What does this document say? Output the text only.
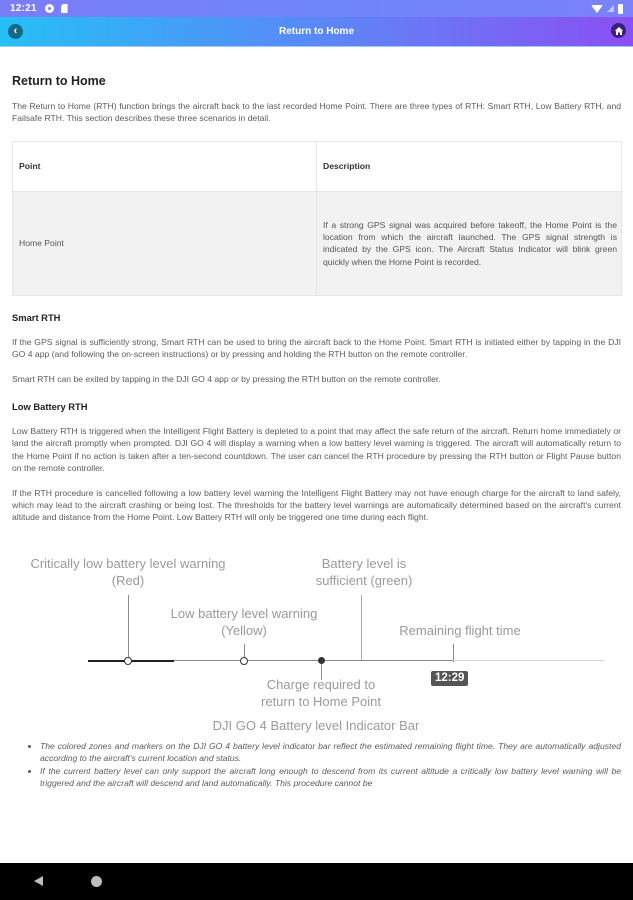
12:21
‹	Return to Home
Return to Home

The Return to Home (RTH) function brings the aircraft back to the last recorded Home Point. There are three types of RTH: Smart RTH, Low Battery RTH, and Failsafe RTH. This section describes these three scenarios in detail.

Point	Description
Home Point	If a strong GPS signal was acquired before takeoff, the Home Point is the location from which the aircraft launched. The GPS signal strength is indicated by the GPS icon. The Aircraft Status Indicator will blink green quickly when the Home Point is recorded.
Smart RTH

If the GPS signal is sufficiently strong, Smart RTH can be used to bring the aircraft back to the Home Point. Smart RTH is initiated either by tapping in the DJI GO 4 app (and following the on-screen instructions) or by pressing and holding the RTH button on the remote controller.

Smart RTH can be exited by tapping in the DJI GO 4 app or by pressing the RTH button on the remote controller.

Low Battery RTH

Low Battery RTH is triggered when the Intelligent Flight Battery is depleted to a point that may affect the safe return of the aircraft. Return home immediately or land the aircraft promptly when prompted. DJI GO 4 will display a warning when a low battery level warning is triggered. The aircraft will automatically return to the Home Point if no action is taken after a ten-second countdown. The user can cancel the RTH procedure by pressing the RTH button or Flight Pause button on the remote controller.

If the RTH procedure is cancelled following a low battery level warning the Intelligent Flight Battery may not have enough charge for the aircraft to land safely, which may lead to the aircraft crashing or being lost. The thresholds for the battery level warnings are automatically determined based on the aircraft's current altitude and distance from the Home Point. Low Battery RTH will only be triggered one time during each flight.

Critically low battery level warning
(Red)
Low battery level warning
(Yellow)
Battery level is
sufficient (green)
Remaining flight time
12:29
Charge required to
return to Home Point
DJI GO 4 Battery level Indicator Bar
• The colored zones and markers on the DJI GO 4 battery level indicator bar reflect the estimated remaining flight time. They are automatically adjusted according to the aircraft's current location and status.
• If the current battery level can only support the aircraft long enough to descend from its current altitude a critically low battery level warning will be triggered and the aircraft will descend and land automatically. This procedure cannot be
